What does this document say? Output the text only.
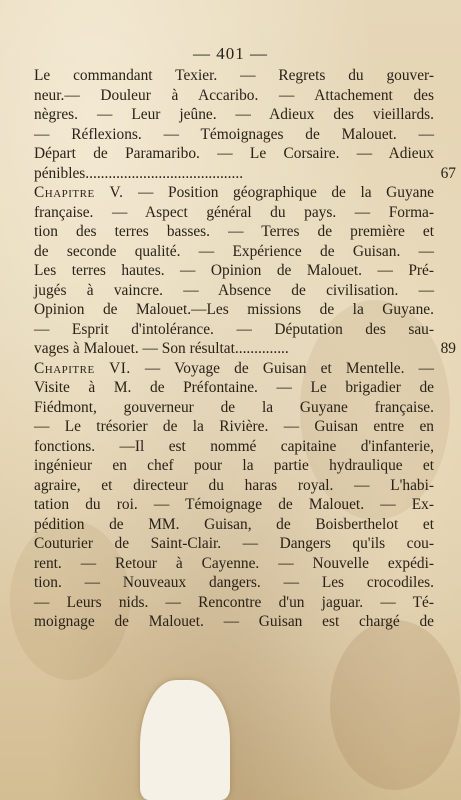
— 401 —
Le commandant Texier. — Regrets du gouver-
neur.— Douleur à Accaribo. — Attachement des
nègres. — Leur jeûne. — Adieux des vieillards.
— Réflexions. — Témoignages de Malouet. —
Départ de Paramaribo. — Le Corsaire. — Adieux
pénibles.........................................	67
Chapitre V. — Position géographique de la Guyane
française. — Aspect général du pays. — Forma-
tion des terres basses. — Terres de première et
de seconde qualité. — Expérience de Guisan. —
Les terres hautes. — Opinion de Malouet. — Pré-
jugés à vaincre. — Absence de civilisation. —
Opinion de Malouet.—Les missions de la Guyane.
— Esprit d'intolérance. — Députation des sau-
vages à Malouet. — Son résultat..............	89
Chapitre VI. — Voyage de Guisan et Mentelle. —
Visite à M. de Préfontaine. — Le brigadier de
Fiédmont, gouverneur de la Guyane française.
— Le trésorier de la Rivière. — Guisan entre en
fonctions. —Il est nommé capitaine d'infanterie,
ingénieur en chef pour la partie hydraulique et
agraire, et directeur du haras royal. — L'habi-
tation du roi. — Témoignage de Malouet. — Ex-
pédition de MM. Guisan, de Boisberthelot et
Couturier de Saint-Clair. — Dangers qu'ils cou-
rent. — Retour à Cayenne. — Nouvelle expédi-
tion. — Nouveaux dangers. — Les crocodiles.
— Leurs nids. — Rencontre d'un jaguar. — Té-
moignage de Malouet. — Guisan est chargé de
